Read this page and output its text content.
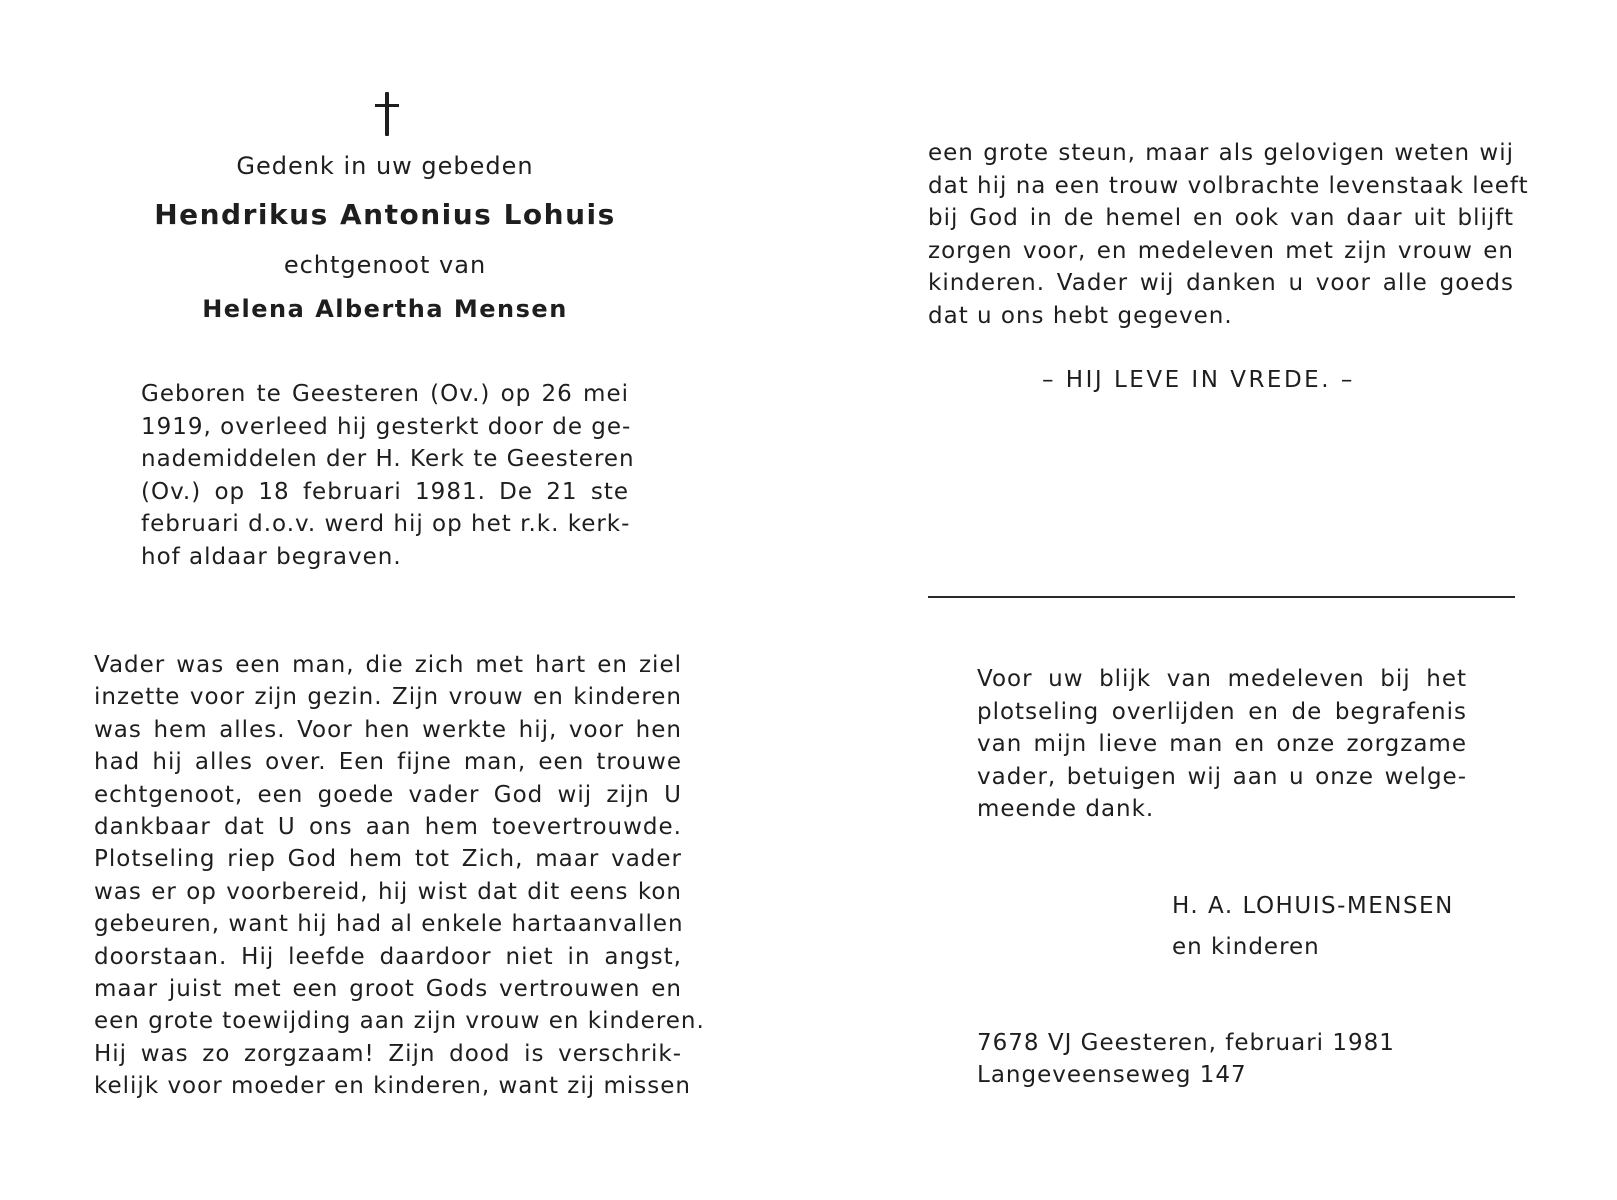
Gedenk in uw gebeden
Hendrikus Antonius Lohuis
echtgenoot van
Helena Albertha Mensen
Geboren te Geesteren (Ov.) op 26 mei
1919, overleed hij gesterkt door de ge-
nademiddelen der H. Kerk te Geesteren
(Ov.) op 18 februari 1981. De 21 ste
februari d.o.v. werd hij op het r.k. kerk-
hof aldaar begraven.
Vader was een man, die zich met hart en ziel
inzette voor zijn gezin. Zijn vrouw en kinderen
was hem alles. Voor hen werkte hij, voor hen
had hij alles over. Een fijne man, een trouwe
echtgenoot, een goede vader God wij zijn U
dankbaar dat U ons aan hem toevertrouwde.
Plotseling riep God hem tot Zich, maar vader
was er op voorbereid, hij wist dat dit eens kon
gebeuren, want hij had al enkele hartaanvallen
doorstaan. Hij leefde daardoor niet in angst,
maar juist met een groot Gods vertrouwen en
een grote toewijding aan zijn vrouw en kinderen.
Hij was zo zorgzaam! Zijn dood is verschrik-
kelijk voor moeder en kinderen, want zij missen
een grote steun, maar als gelovigen weten wij
dat hij na een trouw volbrachte levenstaak leeft
bij God in de hemel en ook van daar uit blijft
zorgen voor, en medeleven met zijn vrouw en
kinderen. Vader wij danken u voor alle goeds
dat u ons hebt gegeven.
– HIJ LEVE IN VREDE. –
Voor uw blijk van medeleven bij het
plotseling overlijden en de begrafenis
van mijn lieve man en onze zorgzame
vader, betuigen wij aan u onze welge-
meende dank.
H. A. LOHUIS-MENSEN
en kinderen
7678 VJ Geesteren, februari 1981
Langeveenseweg 147
